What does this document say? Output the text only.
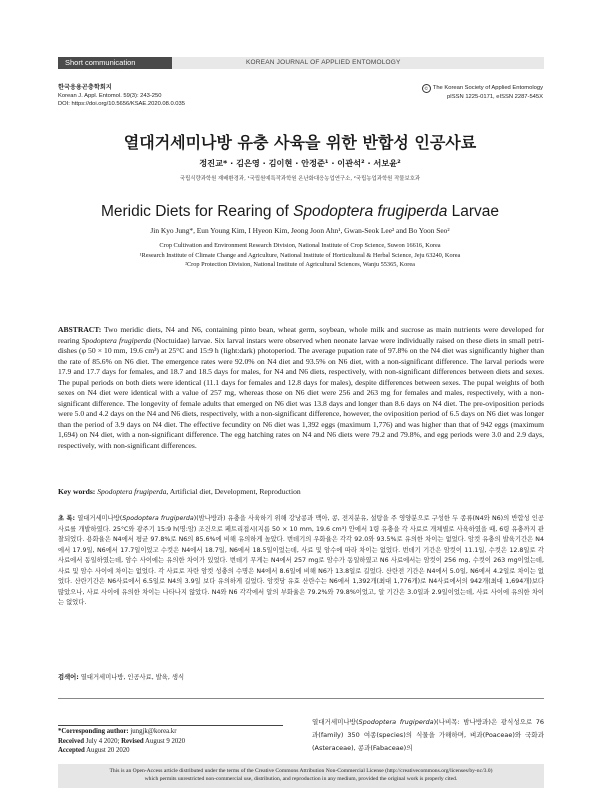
Short communication	KOREAN JOURNAL OF APPLIED ENTOMOLOGY
한국응용곤충학회지
Korean J. Appl. Entomol. 59(3): 243-250
DOI: https://doi.org/10.5656/KSAE.2020.08.0.035
© The Korean Society of Applied Entomology
pISSN 1225-0171, eISSN 2287-545X
열대거세미나방 유충 사육을 위한 반합성 인공사료
정진교* · 김은영 · 김이현 · 안정준¹ · 이관석² · 서보윤²
국립식량과학원 재배환경과, ¹국립원예특작과학원 온난화대응농업연구소, ²국립농업과학원 작물보호과
Meridic Diets for Rearing of Spodoptera frugiperda Larvae
Jin Kyo Jung*, Eun Young Kim, I Hyeon Kim, Jeong Joon Ahn¹, Gwan-Seok Lee² and Bo Yoon Seo²
Crop Cultivation and Environment Research Division, National Institute of Crop Science, Suwon 16616, Korea
¹Research Institute of Climate Change and Agriculture, National Institute of Horticultural & Herbal Science, Jeju 63240, Korea
²Crop Protection Division, National Institute of Agricultural Sciences, Wanju 55365, Korea
ABSTRACT: Two meridic diets, N4 and N6, containing pinto bean, wheat germ, soybean, whole milk and sucrose as main nutrients were developed for rearing Spodoptera frugiperda (Noctuidae) larvae. Six larval instars were observed when neonate larvae were individually raised on these diets in small petri-dishes (φ 50 × 10 mm, 19.6 cm³) at 25°C and 15:9 h (light:dark) photoperiod. The average pupation rate of 97.8% on the N4 diet was significantly higher than the rate of 85.6% on N6 diet. The emergence rates were 92.0% on N4 diet and 93.5% on N6 diet, with a non-significant difference. The larval periods were 17.9 and 17.7 days for females, and 18.7 and 18.5 days for males, for N4 and N6 diets, respectively, with non-significant differences between diets and sexes. The pupal periods on both diets were identical (11.1 days for females and 12.8 days for males), despite differences between sexes. The pupal weights of both sexes on N4 diet were identical with a value of 257 mg, whereas those on N6 diet were 256 and 263 mg for females and males, respectively, with a non-significant difference. The longevity of female adults that emerged on N6 diet was 13.8 days and longer than 8.6 days on N4 diet. The pre-oviposition periods were 5.0 and 4.2 days on the N4 and N6 diets, respectively, with a non-significant difference, however, the oviposition period of 6.5 days on N6 diet was longer than the period of 3.9 days on N4 diet. The effective fecundity on N6 diet was 1,392 eggs (maximum 1,776) and was higher than that of 942 eggs (maximum 1,694) on N4 diet, with a non-significant difference. The egg hatching rates on N4 and N6 diets were 79.2 and 79.8%, and egg periods were 3.0 and 2.9 days, respectively, with non-significant differences.
Key words: Spodoptera frugiperda, Artificial diet, Development, Reproduction
초 록: 열대거세미나방(Spodoptera frugiperda)(밤나방과) 유충을 사육하기 위해 강낭콩과 맥아, 콩, 전지분유, 설탕을 주 영양분으로 구성한 두 종류(N4와 N6)의 반합성 인공사료를 개발하였다. 25°C와 광주기 15:9 h(명:암) 조건으로 페트리접시(지름 50 × 10 mm, 19.6 cm³) 안에서 1령 유충을 각 사료로 개체별로 사육하였을 때, 6령 유충까지 관찰되었다. 용화율은 N4에서 평균 97.8%로 N6의 85.6%에 비해 유의하게 높았다. 번데기의 우화율은 각각 92.0와 93.5%로 유의한 차이는 없었다. 암컷 유충의 발육기간은 N4에서 17.9일, N6에서 17.7일이었고 수컷은 N4에서 18.7일, N6에서 18.5일이었는데, 사료 및 암수에 따라 차이는 없었다. 번데기 기간은 암컷이 11.1일, 수컷은 12.8일로 각 사료에서 동일하였는데, 암수 사이에는 유의한 차이가 있었다. 번데기 무게는 N4에서 257 mg로 암수가 동일하였고 N6 사료에서는 암컷이 256 mg, 수컷이 263 mg이었는데, 사료 및 암수 사이에 차이는 없었다. 각 사료로 자란 암컷 성충의 수명은 N4에서 8.6일에 비해 N6가 13.8일로 길었다. 산란전 기간은 N4에서 5.0일, N6에서 4.2일로 차이는 없었다. 산란기간은 N6사료에서 6.5일로 N4의 3.9일 보다 유의하게 길었다. 암컷당 유효 산란수는 N6에서 1,392개(최대 1,776개)로 N4사료에서의 942개(최대 1,694개)보다 많았으나, 사료 사이에 유의한 차이는 나타나지 않았다. N4와 N6 각각에서 알의 부화율은 79.2%와 79.8%이었고, 알 기간은 3.0일과 2.9일이었는데, 사료 사이에 유의한 차이는 없었다.
검색어: 열대거세미나방, 인공사료, 발육, 생식
*Corresponding author: jungjk@korea.kr
Received July 4 2020; Revised August 9 2020
Accepted August 20 2020
열대거세미나방(Spodoptera frugiperda)(나비목: 밤나방과)은 광식성으로 76과(family) 350 여종(species)의 식물을 가해하며, 벼과(Poaceae)와 국화과(Asteraceae), 콩과(Fabaceae)의
This is an Open-Access article distributed under the terms of the Creative Commons Attribution Non-Commercial License (http://creativecommons.org/licenses/by-nc/3.0)
which permits unrestricted non-commercial use, distribution, and reproduction in any medium, provided the original work is properly cited.
